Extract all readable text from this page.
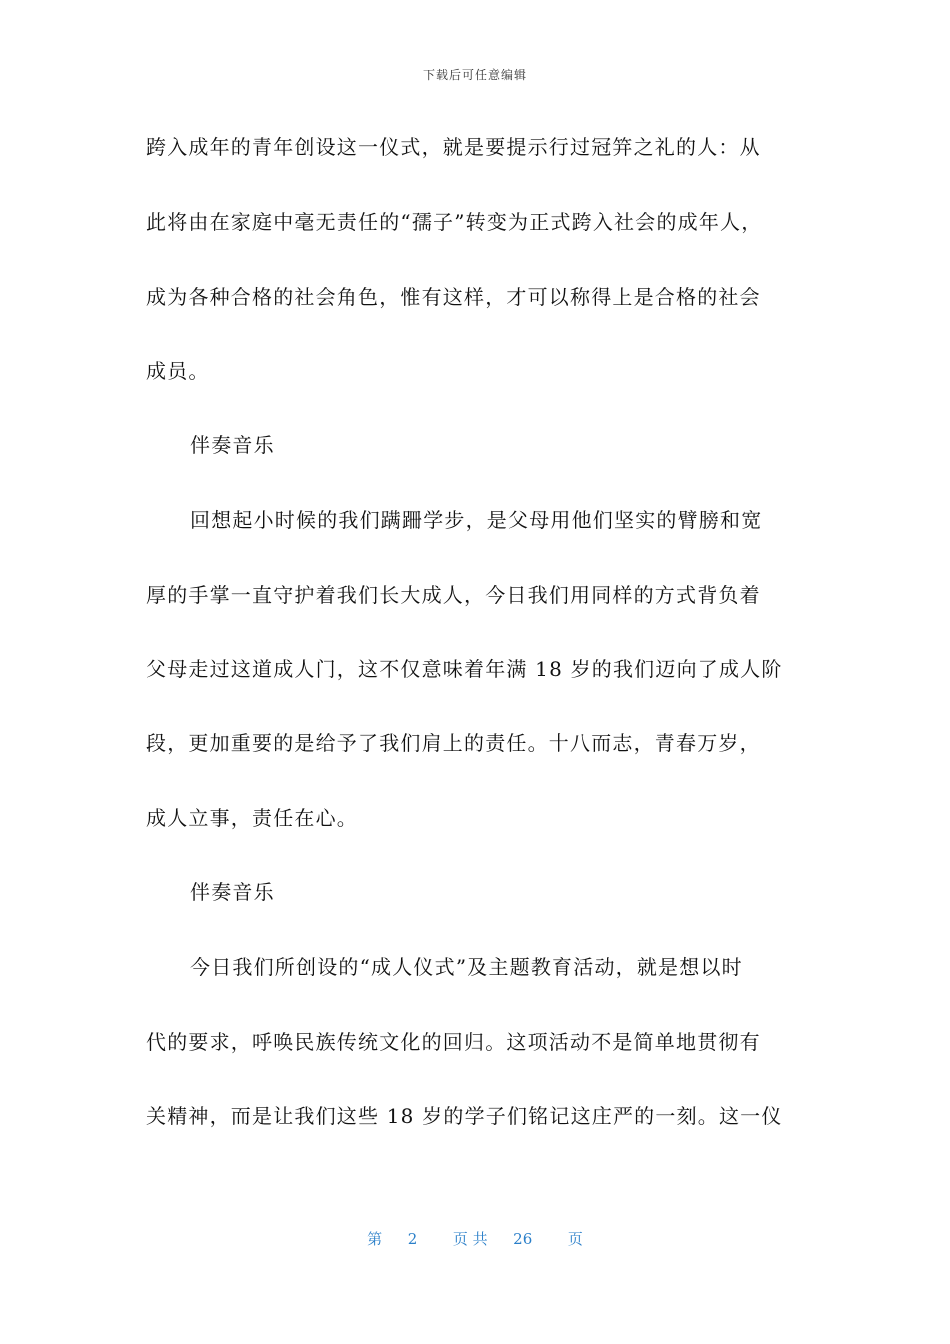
下载后可任意编辑
跨入成年的青年创设这一仪式，就是要提示行过冠笄之礼的人：从
此将由在家庭中毫无责任的“孺子”转变为正式跨入社会的成年人，
成为各种合格的社会角色，惟有这样，才可以称得上是合格的社会
成员。
伴奏音乐
回想起小时候的我们蹒跚学步，是父母用他们坚实的臂膀和宽
厚的手掌一直守护着我们长大成人，今日我们用同样的方式背负着
父母走过这道成人门，这不仅意味着年满 18 岁的我们迈向了成人阶
段，更加重要的是给予了我们肩上的责任。十八而志，青春万岁，
成人立事，责任在心。
伴奏音乐
今日我们所创设的“成人仪式”及主题教育活动，就是想以时
代的要求，呼唤民族传统文化的回归。这项活动不是简单地贯彻有
关精神，而是让我们这些 18 岁的学子们铭记这庄严的一刻。这一仪
第 2 页 共 26 页
